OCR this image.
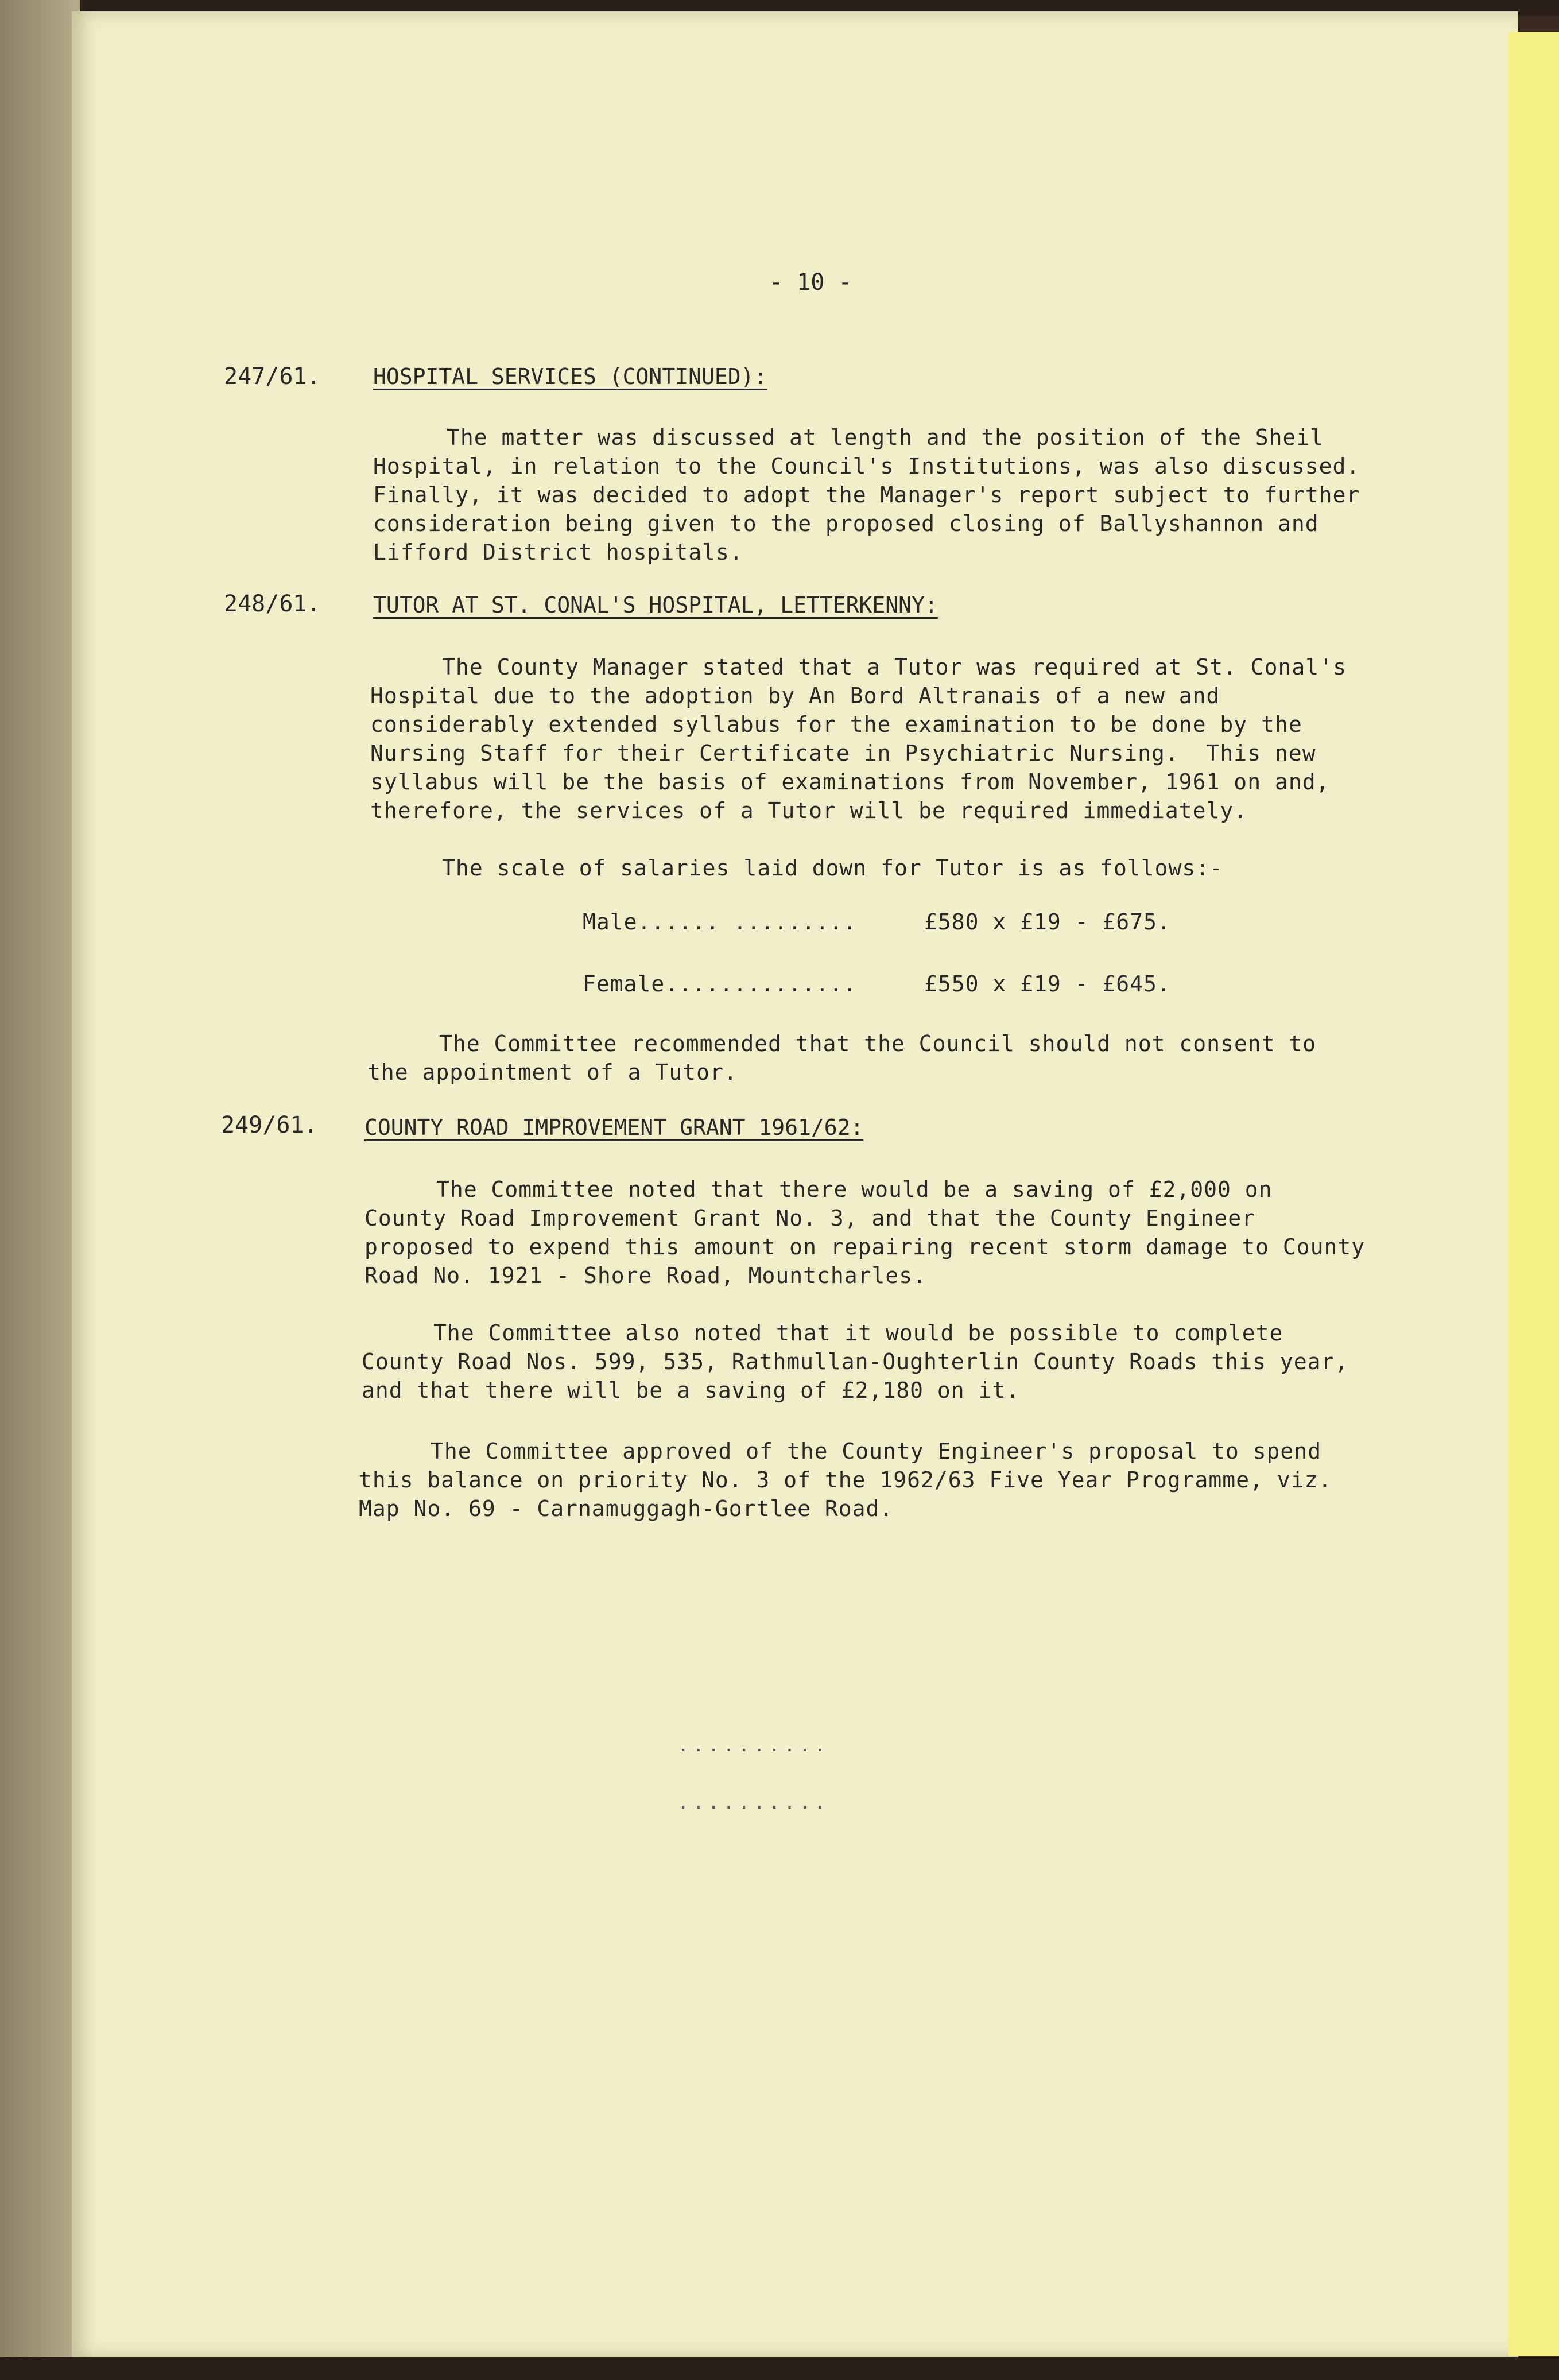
- 10 -
247/61. HOSPITAL SERVICES (CONTINUED):
The matter was discussed at length and the position of the Sheil
Hospital, in relation to the Council's Institutions, was also discussed.
Finally, it was decided to adopt the Manager's report subject to further
consideration being given to the proposed closing of Ballyshannon and
Lifford District hospitals.
248/61. TUTOR AT ST. CONAL'S HOSPITAL, LETTERKENNY:
The County Manager stated that a Tutor was required at St. Conal's
Hospital due to the adoption by An Bord Altranais of a new and
considerably extended syllabus for the examination to be done by the
Nursing Staff for their Certificate in Psychiatric Nursing.  This new
syllabus will be the basis of examinations from November, 1961 on and,
therefore, the services of a Tutor will be required immediately.
The scale of salaries laid down for Tutor is as follows:-
Male...... .........	£580 x £19 - £675.
Female..............	£550 x £19 - £645.
The Committee recommended that the Council should not consent to
the appointment of a Tutor.
249/61. COUNTY ROAD IMPROVEMENT GRANT 1961/62:
The Committee noted that there would be a saving of £2,000 on
County Road Improvement Grant No. 3, and that the County Engineer
proposed to expend this amount on repairing recent storm damage to County
Road No. 1921 - Shore Road, Mountcharles.
The Committee also noted that it would be possible to complete
County Road Nos. 599, 535, Rathmullan-Oughterlin County Roads this year,
and that there will be a saving of £2,180 on it.
The Committee approved of the County Engineer's proposal to spend
this balance on priority No. 3 of the 1962/63 Five Year Programme, viz.
Map No. 69 - Carnamuggagh-Gortlee Road.
..........
..........
